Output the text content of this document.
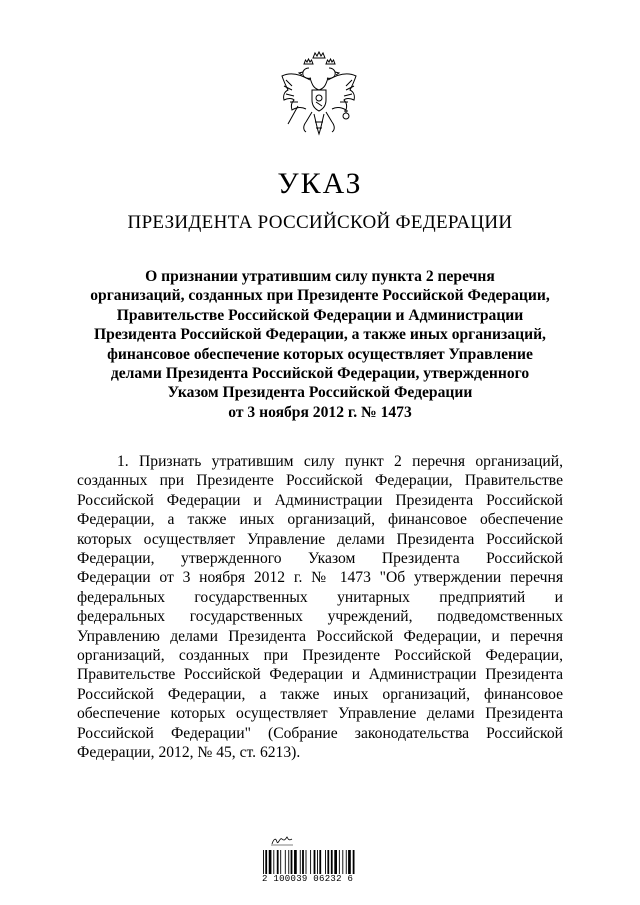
УКАЗ
ПРЕЗИДЕНТА РОССИЙСКОЙ ФЕДЕРАЦИИ
О признании утратившим силу пункта 2 перечня
организаций, созданных при Президенте Российской Федерации,
Правительстве Российской Федерации и Администрации
Президента Российской Федерации, а также иных организаций,
финансовое обеспечение которых осуществляет Управление
делами Президента Российской Федерации, утвержденного
Указом Президента Российской Федерации
от 3 ноября 2012 г. № 1473
1. Признать утратившим силу пункт 2 перечня организаций,
созданных при Президенте Российской Федерации, Правительстве
Российской Федерации и Администрации Президента Российской
Федерации, а также иных организаций, финансовое обеспечение
которых осуществляет Управление делами Президента Российской
Федерации, утвержденного Указом Президента Российской
Федерации от 3 ноября 2012 г. № 1473 "Об утверждении перечня
федеральных государственных унитарных предприятий и
федеральных государственных учреждений, подведомственных
Управлению делами Президента Российской Федерации, и перечня
организаций, созданных при Президенте Российской Федерации,
Правительстве Российской Федерации и Администрации Президента
Российской Федерации, а также иных организаций, финансовое
обеспечение которых осуществляет Управление делами Президента
Российской Федерации" (Собрание законодательства Российской
Федерации, 2012, № 45, ст. 6213).
2 100039 06232 6
